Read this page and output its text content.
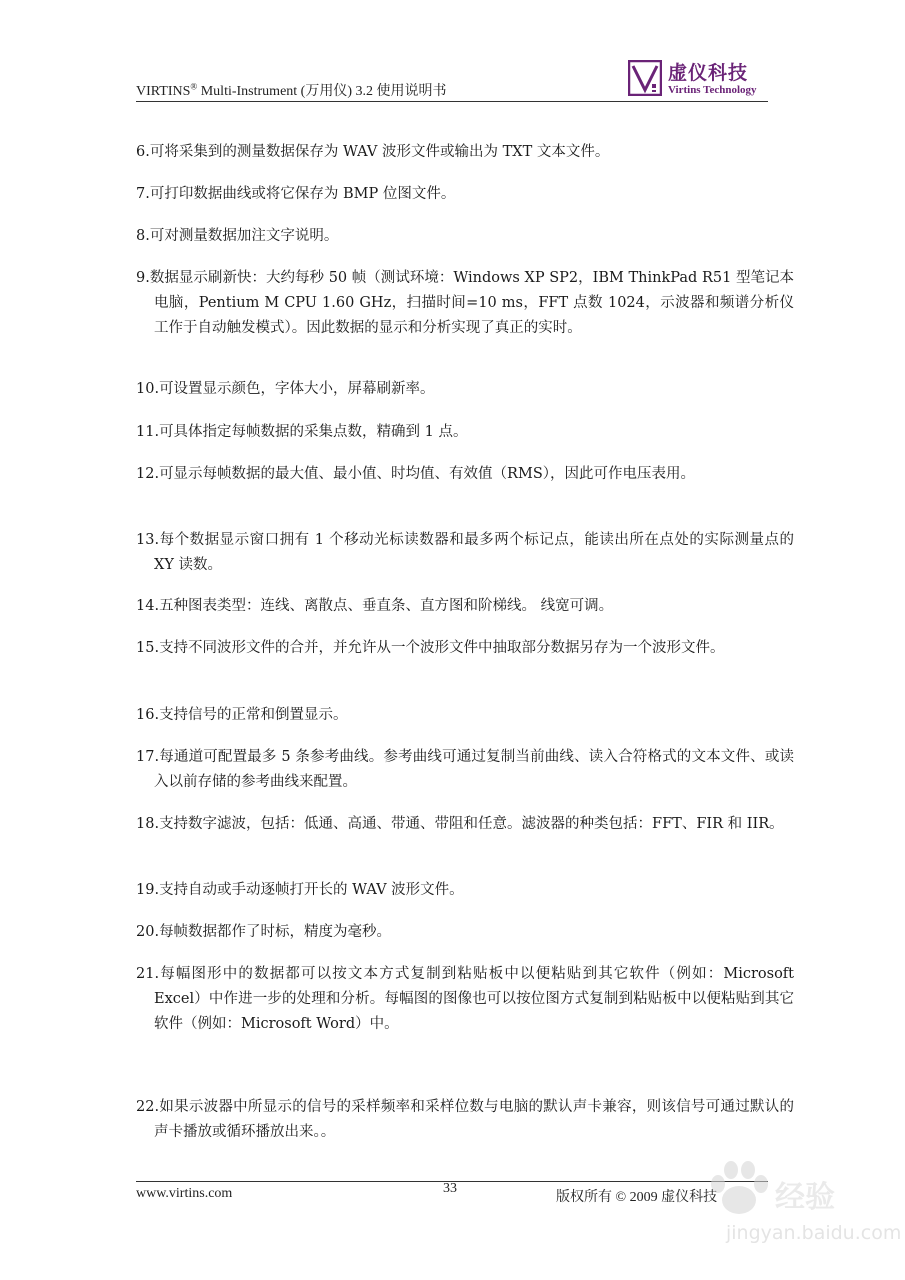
VIRTINS® Multi-Instrument (万用仪) 3.2 使用说明书
虚仪科技
Virtins Technology
6.可将采集到的测量数据保存为 WAV 波形文件或输出为 TXT 文本文件。
7.可打印数据曲线或将它保存为 BMP 位图文件。
8.可对测量数据加注文字说明。
9.数据显示刷新快：大约每秒 50 帧（测试环境：Windows XP SP2，IBM ThinkPad R51 型笔记本电脑，Pentium M CPU 1.60 GHz，扫描时间=10 ms，FFT 点数 1024，示波器和频谱分析仪工作于自动触发模式）。因此数据的显示和分析实现了真正的实时。
10.可设置显示颜色，字体大小，屏幕刷新率。
11.可具体指定每帧数据的采集点数，精确到 1 点。
12.可显示每帧数据的最大值、最小值、时均值、有效值（RMS），因此可作电压表用。
13.每个数据显示窗口拥有 1 个移动光标读数器和最多两个标记点，能读出所在点处的实际测量点的 XY 读数。
14.五种图表类型：连线、离散点、垂直条、直方图和阶梯线。 线宽可调。
15.支持不同波形文件的合并，并允许从一个波形文件中抽取部分数据另存为一个波形文件。
16.支持信号的正常和倒置显示。
17.每通道可配置最多 5 条参考曲线。参考曲线可通过复制当前曲线、读入合符格式的文本文件、或读入以前存储的参考曲线来配置。
18.支持数字滤波，包括：低通、高通、带通、带阻和任意。滤波器的种类包括：FFT、FIR 和 IIR。
19.支持自动或手动逐帧打开长的 WAV 波形文件。
20.每帧数据都作了时标，精度为毫秒。
21.每幅图形中的数据都可以按文本方式复制到粘贴板中以便粘贴到其它软件（例如：Microsoft Excel）中作进一步的处理和分析。每幅图的图像也可以按位图方式复制到粘贴板中以便粘贴到其它软件（例如：Microsoft Word）中。
22.如果示波器中所显示的信号的采样频率和采样位数与电脑的默认声卡兼容，则该信号可通过默认的声卡播放或循环播放出来。。
www.virtins.com	33
版权所有 © 2009 虚仪科技 经验
jingyan.baidu.com
